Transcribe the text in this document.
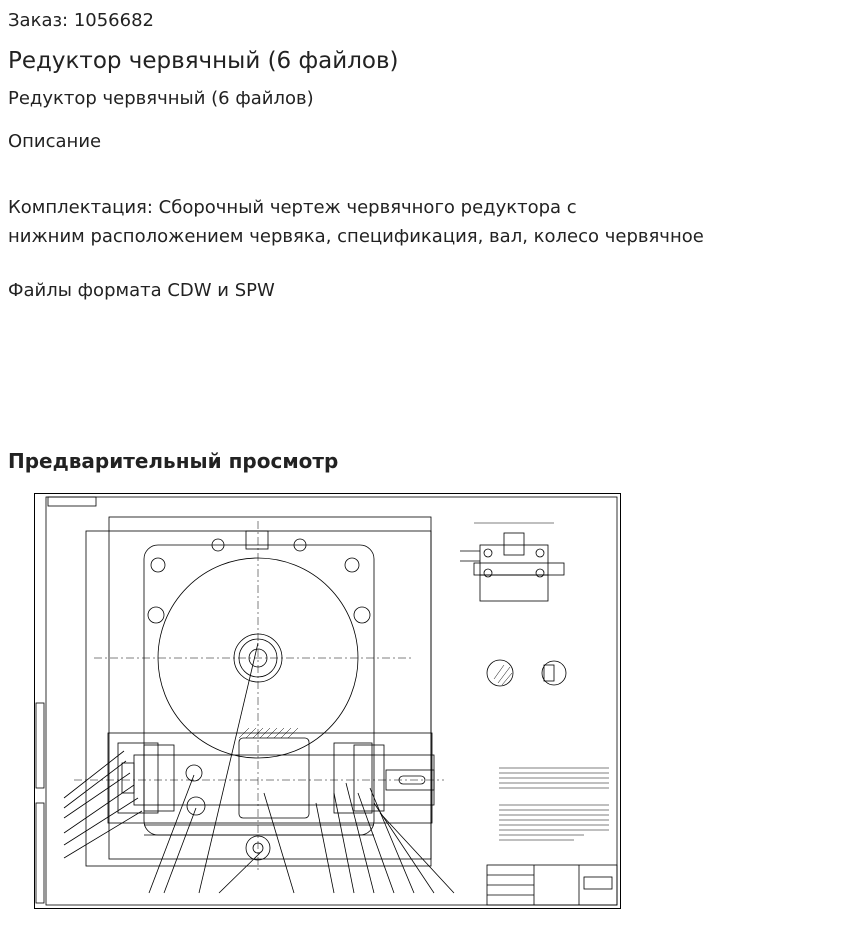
Заказ: 1056682
Редуктор червячный (6 файлов)
Редуктор червячный (6 файлов)
Описание
Комплектация: Сборочный чертеж червячного редуктора с
нижним расположением червяка, спецификация, вал, колесо червячное
Файлы формата CDW и SPW
Предварительный просмотр
